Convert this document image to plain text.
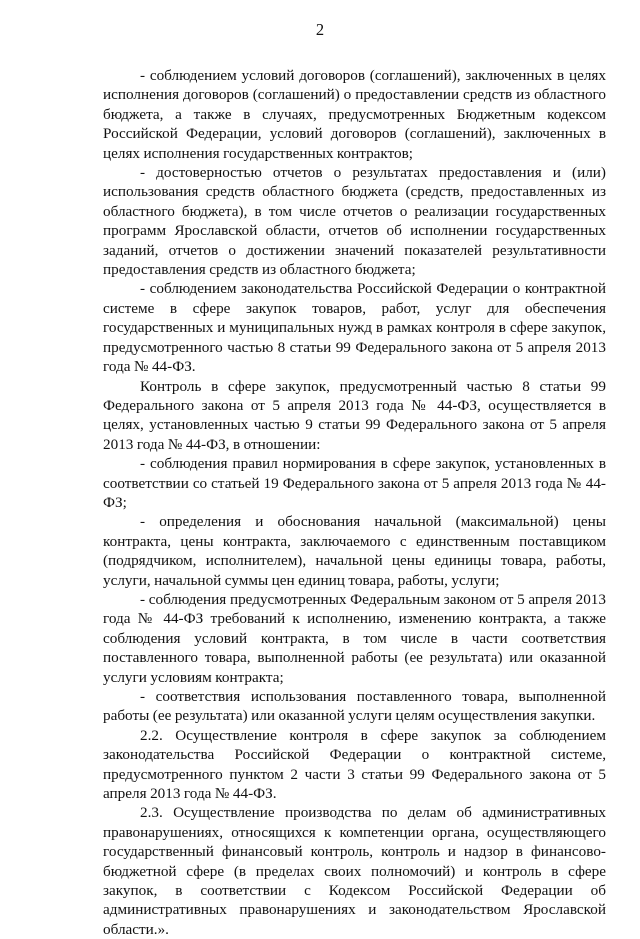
2

- соблюдением условий договоров (соглашений), заключенных в целях исполнения договоров (соглашений) о предоставлении средств из областного бюджета, а также в случаях, предусмотренных Бюджетным кодексом Российской Федерации, условий договоров (соглашений), заключенных в целях исполнения государственных контрактов;

- достоверностью отчетов о результатах предоставления и (или) использования средств областного бюджета (средств, предоставленных из областного бюджета), в том числе отчетов о реализации государственных программ Ярославской области, отчетов об исполнении государственных заданий, отчетов о достижении значений показателей результативности предоставления средств из областного бюджета;

- соблюдением законодательства Российской Федерации о контрактной системе в сфере закупок товаров, работ, услуг для обеспечения государственных и муниципальных нужд в рамках контроля в сфере закупок, предусмотренного частью 8 статьи 99 Федерального закона от 5 апреля 2013 года № 44-ФЗ.

Контроль в сфере закупок, предусмотренный частью 8 статьи 99 Федерального закона от 5 апреля 2013 года № 44-ФЗ, осуществляется в целях, установленных частью 9 статьи 99 Федерального закона от 5 апреля 2013 года № 44-ФЗ, в отношении:

- соблюдения правил нормирования в сфере закупок, установленных в соответствии со статьей 19 Федерального закона от 5 апреля 2013 года № 44-ФЗ;

- определения и обоснования начальной (максимальной) цены контракта, цены контракта, заключаемого с единственным поставщиком (подрядчиком, исполнителем), начальной цены единицы товара, работы, услуги, начальной суммы цен единиц товара, работы, услуги;

- соблюдения предусмотренных Федеральным законом от 5 апреля 2013 года № 44-ФЗ требований к исполнению, изменению контракта, а также соблюдения условий контракта, в том числе в части соответствия поставленного товара, выполненной работы (ее результата) или оказанной услуги условиям контракта;

- соответствия использования поставленного товара, выполненной работы (ее результата) или оказанной услуги целям осуществления закупки.

2.2. Осуществление контроля в сфере закупок за соблюдением законодательства Российской Федерации о контрактной системе, предусмотренного пунктом 2 части 3 статьи 99 Федерального закона от 5 апреля 2013 года № 44-ФЗ.

2.3. Осуществление производства по делам об административных правонарушениях, относящихся к компетенции органа, осуществляющего государственный финансовый контроль, контроль и надзор в финансово-бюджетной сфере (в пределах своих полномочий) и контроль в сфере закупок, в соответствии с Кодексом Российской Федерации об административных правонарушениях и законодательством Ярославской области.».
